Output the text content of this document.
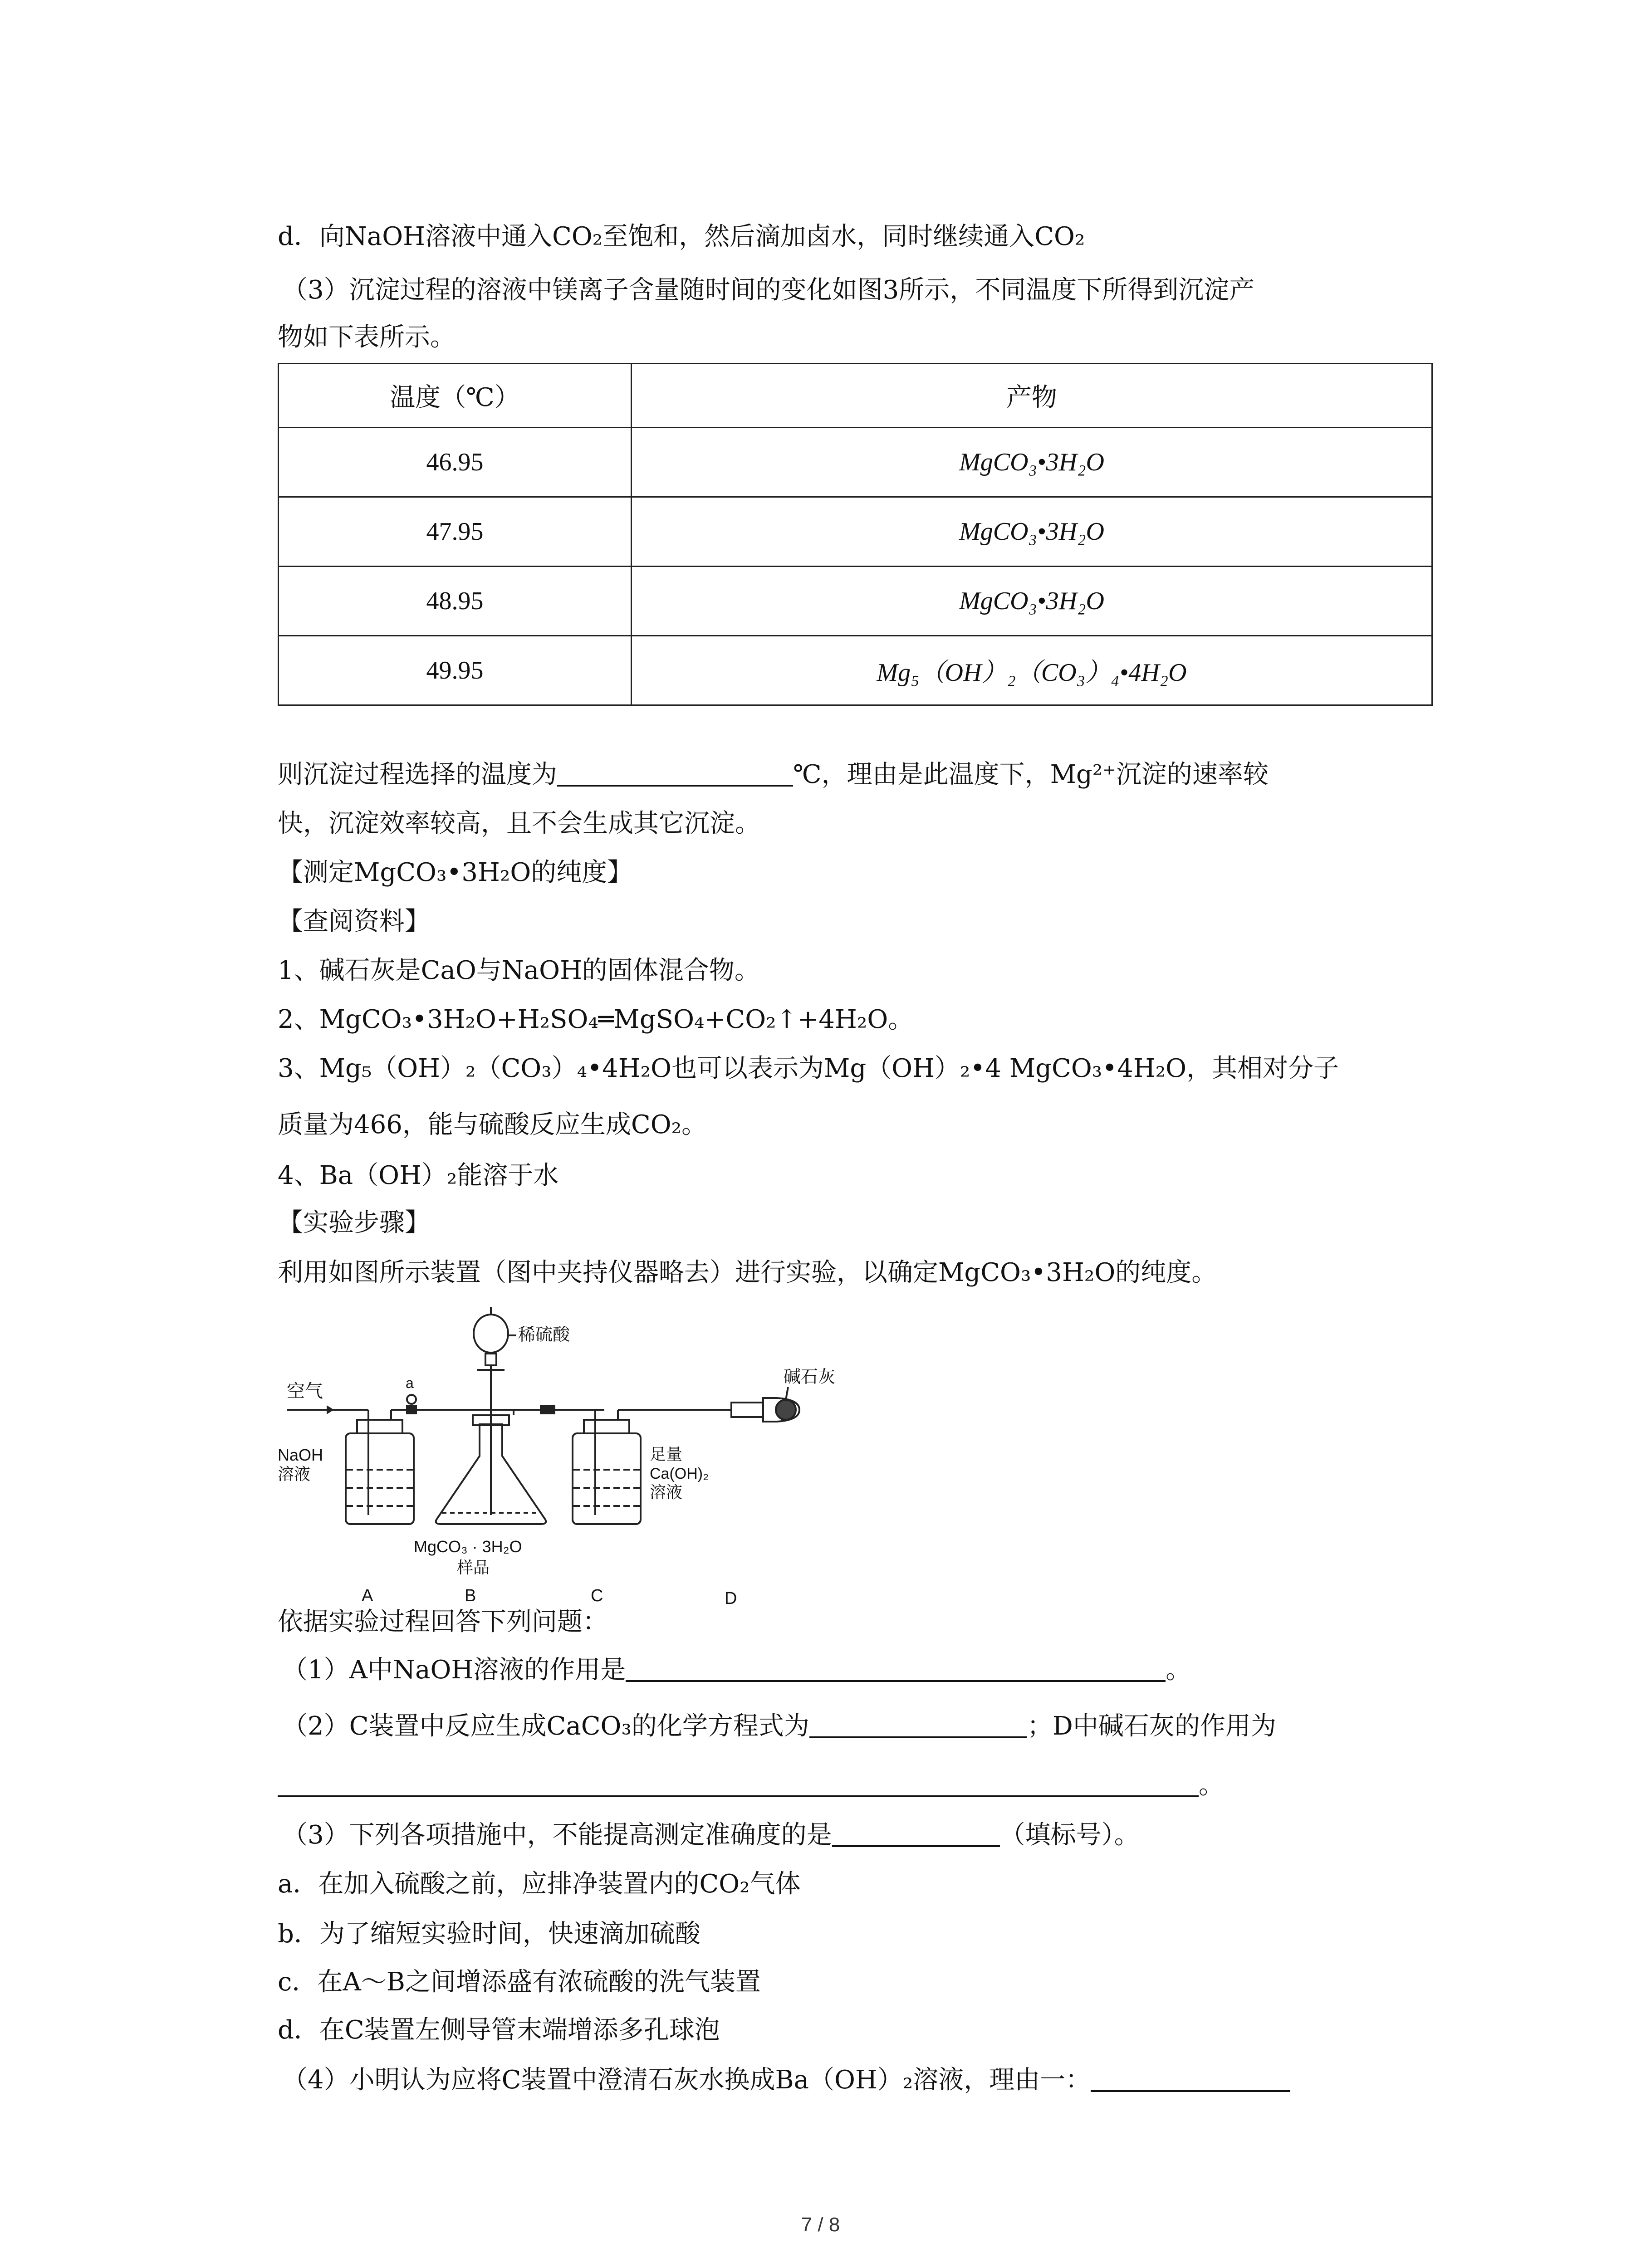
d．向NaOH溶液中通入CO₂至饱和，然后滴加卤水，同时继续通入CO₂
（3）沉淀过程的溶液中镁离子含量随时间的变化如图3所示，不同温度下所得到沉淀产
物如下表所示。
温度（℃）	产物
46.95	MgCO₃•3H₂O
47.95	MgCO₃•3H₂O
48.95	MgCO₃•3H₂O
49.95	Mg₅（OH）₂（CO₃）₄•4H₂O
则沉淀过程选择的温度为	℃，理由是此温度下，Mg²⁺沉淀的速率较
快，沉淀效率较高，且不会生成其它沉淀。
【测定MgCO₃•3H₂O的纯度】
【查阅资料】
1、碱石灰是CaO与NaOH的固体混合物。
2、MgCO₃•3H₂O+H₂SO₄═MgSO₄+CO₂↑+4H₂O。
3、Mg₅（OH）₂（CO₃）₄•4H₂O也可以表示为Mg（OH）₂•4 MgCO₃•4H₂O，其相对分子
质量为466，能与硫酸反应生成CO₂。
4、Ba（OH）₂能溶于水
【实验步骤】
利用如图所示装置（图中夹持仪器略去）进行实验，以确定MgCO₃•3H₂O的纯度。
空气
NaOH
溶液
a
稀硫酸
MgCO₃ · 3H₂O
样品
足量
Ca(OH)₂
溶液
碱石灰
A	B	C	D
依据实验过程回答下列问题：
（1）A中NaOH溶液的作用是	。
（2）C装置中反应生成CaCO₃的化学方程式为	；D中碱石灰的作用为
。
（3）下列各项措施中，不能提高测定准确度的是	（填标号）。
a．在加入硫酸之前，应排净装置内的CO₂气体
b．为了缩短实验时间，快速滴加硫酸
c．在A～B之间增添盛有浓硫酸的洗气装置
d．在C装置左侧导管末端增添多孔球泡
（4）小明认为应将C装置中澄清石灰水换成Ba（OH）₂溶液，理由一：
7 / 8
